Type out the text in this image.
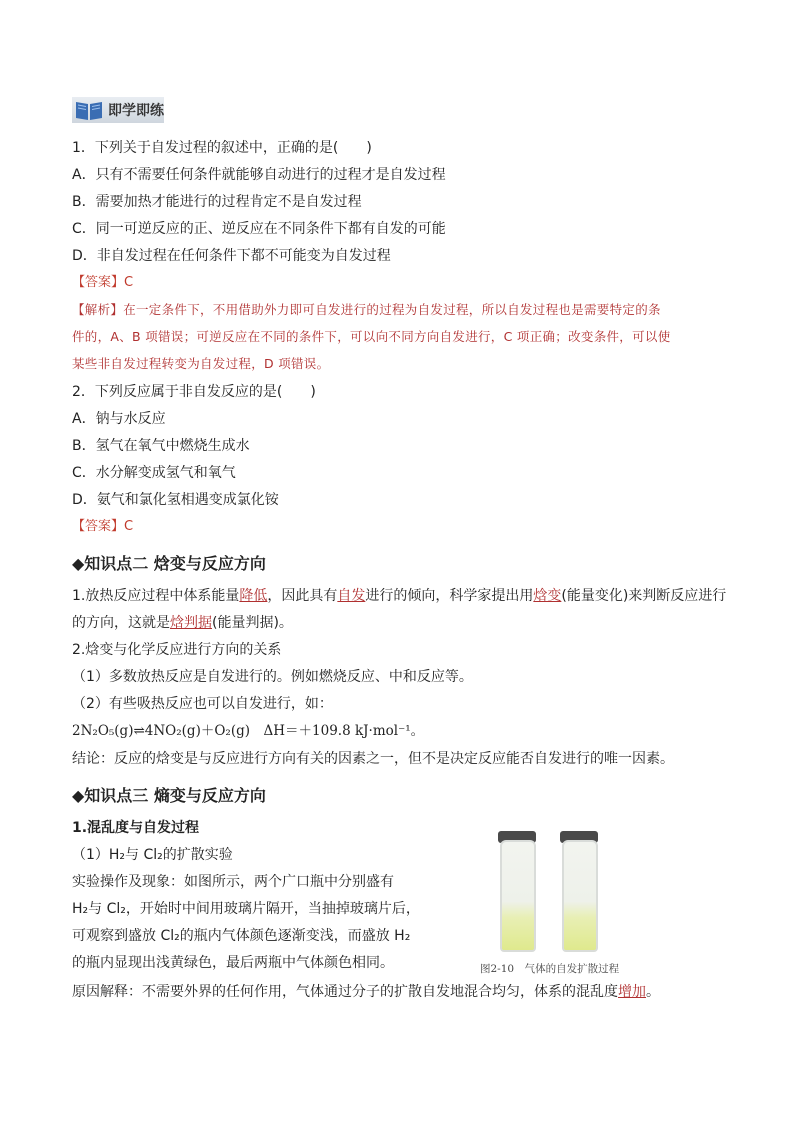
即学即练
1．下列关于自发过程的叙述中，正确的是(　　)
A．只有不需要任何条件就能够自动进行的过程才是自发过程
B．需要加热才能进行的过程肯定不是自发过程
C．同一可逆反应的正、逆反应在不同条件下都有自发的可能
D．非自发过程在任何条件下都不可能变为自发过程
【答案】C
【解析】在一定条件下，不用借助外力即可自发进行的过程为自发过程，所以自发过程也是需要特定的条
件的，A、B 项错误；可逆反应在不同的条件下，可以向不同方向自发进行，C 项正确；改变条件，可以使
某些非自发过程转变为自发过程，D 项错误。
2．下列反应属于非自发反应的是(　　)
A．钠与水反应
B．氢气在氧气中燃烧生成水
C．水分解变成氢气和氧气
D．氨气和氯化氢相遇变成氯化铵
【答案】C
◆知识点二 焓变与反应方向
1.放热反应过程中体系能量降低，因此具有自发进行的倾向，科学家提出用焓变(能量变化)来判断反应进行
的方向，这就是焓判据(能量判据)。
2.焓变与化学反应进行方向的关系
（1）多数放热反应是自发进行的。例如燃烧反应、中和反应等。
（2）有些吸热反应也可以自发进行，如：
2N₂O₅(g)⇌4NO₂(g)＋O₂(g)　ΔH＝＋109.8 kJ·mol⁻¹。
结论：反应的焓变是与反应进行方向有关的因素之一，但不是决定反应能否自发进行的唯一因素。
◆知识点三 熵变与反应方向
1.混乱度与自发过程
（1）H₂与 Cl₂的扩散实验
实验操作及现象：如图所示，两个广口瓶中分别盛有
H₂与 Cl₂，开始时中间用玻璃片隔开，当抽掉玻璃片后，
可观察到盛放 Cl₂的瓶内气体颜色逐渐变浅，而盛放 H₂
的瓶内显现出浅黄绿色，最后两瓶中气体颜色相同。
原因解释：不需要外界的任何作用，气体通过分子的扩散自发地混合均匀，体系的混乱度增加。
图2-10　气体的自发扩散过程
